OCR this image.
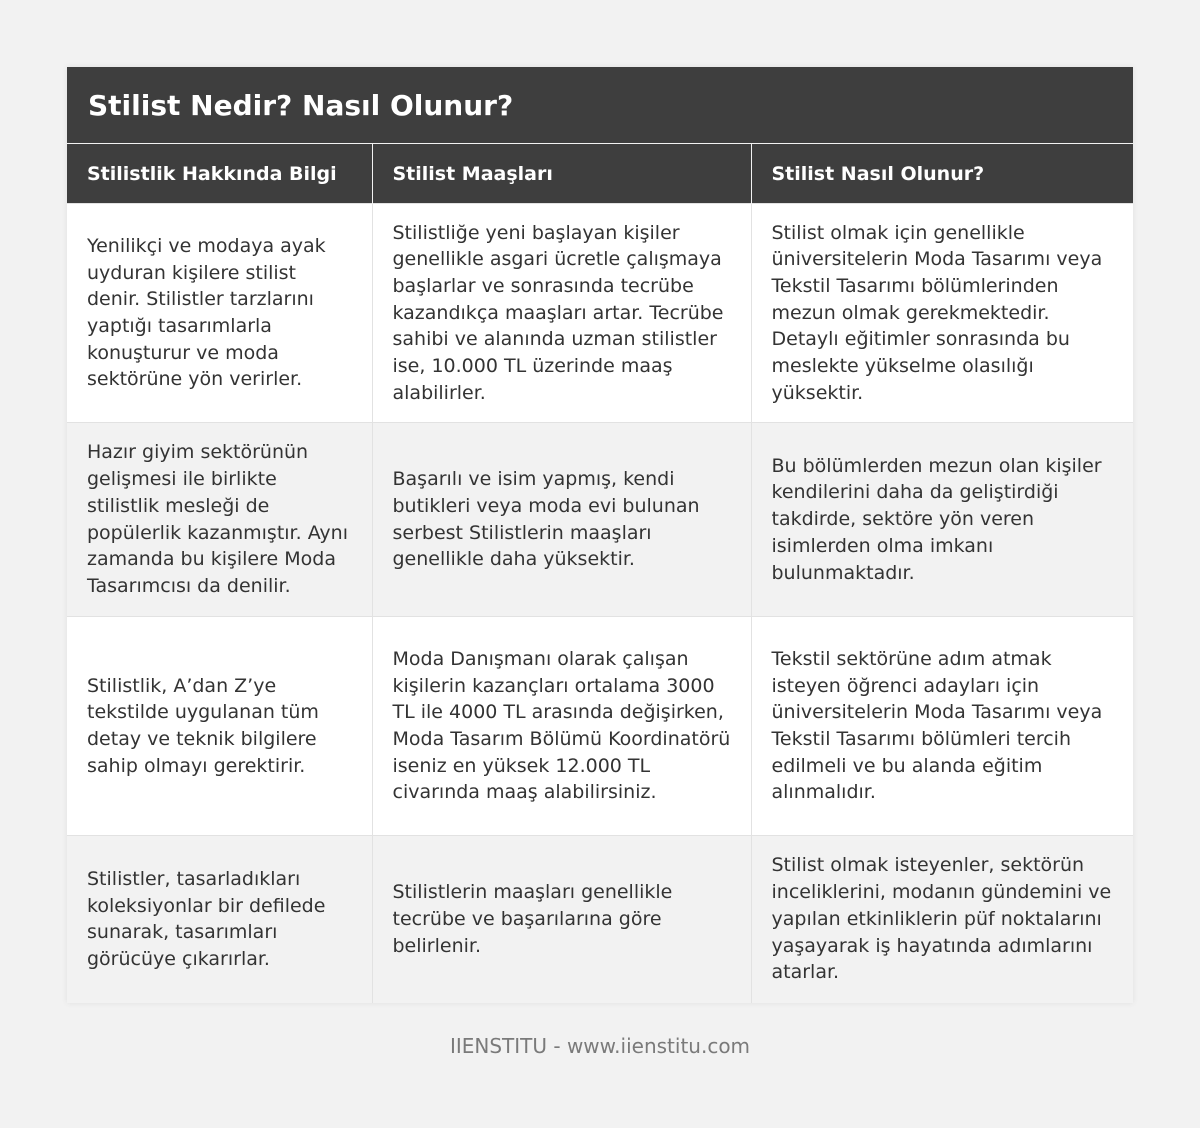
Stilist Nedir? Nasıl Olunur?
Stilistlik Hakkında Bilgi	Stilist Maaşları	Stilist Nasıl Olunur?
Yenilikçi ve modaya ayak uyduran kişilere stilist denir. Stilistler tarzlarını yaptığı tasarımlarla konuşturur ve moda sektörüne yön verirler.	Stilistliğe yeni başlayan kişiler genellikle asgari ücretle çalışmaya başlarlar ve sonrasında tecrübe kazandıkça maaşları artar. Tecrübe sahibi ve alanında uzman stilistler ise, 10.000 TL üzerinde maaş alabilirler.	Stilist olmak için genellikle üniversitelerin Moda Tasarımı veya Tekstil Tasarımı bölümlerinden mezun olmak gerekmektedir. Detaylı eğitimler sonrasında bu meslekte yükselme olasılığı yüksektir.
Hazır giyim sektörünün gelişmesi ile birlikte stilistlik mesleği de popülerlik kazanmıştır. Aynı zamanda bu kişilere Moda Tasarımcısı da denilir.	Başarılı ve isim yapmış, kendi butikleri veya moda evi bulunan serbest Stilistlerin maaşları genellikle daha yüksektir.	Bu bölümlerden mezun olan kişiler kendilerini daha da geliştirdiği takdirde, sektöre yön veren isimlerden olma imkanı bulunmaktadır.
Stilistlik, A’dan Z’ye tekstilde uygulanan tüm detay ve teknik bilgilere sahip olmayı gerektirir.	Moda Danışmanı olarak çalışan kişilerin kazançları ortalama 3000 TL ile 4000 TL arasında değişirken, Moda Tasarım Bölümü Koordinatörü iseniz en yüksek 12.000 TL civarında maaş alabilirsiniz.	Tekstil sektörüne adım atmak isteyen öğrenci adayları için üniversitelerin Moda Tasarımı veya Tekstil Tasarımı bölümleri tercih edilmeli ve bu alanda eğitim alınmalıdır.
Stilistler, tasarladıkları koleksiyonlar bir defilede sunarak, tasarımları görücüye çıkarırlar.	Stilistlerin maaşları genellikle tecrübe ve başarılarına göre belirlenir.	Stilist olmak isteyenler, sektörün inceliklerini, modanın gündemini ve yapılan etkinliklerin püf noktalarını yaşayarak iş hayatında adımlarını atarlar.
IIENSTITU - www.iienstitu.com
